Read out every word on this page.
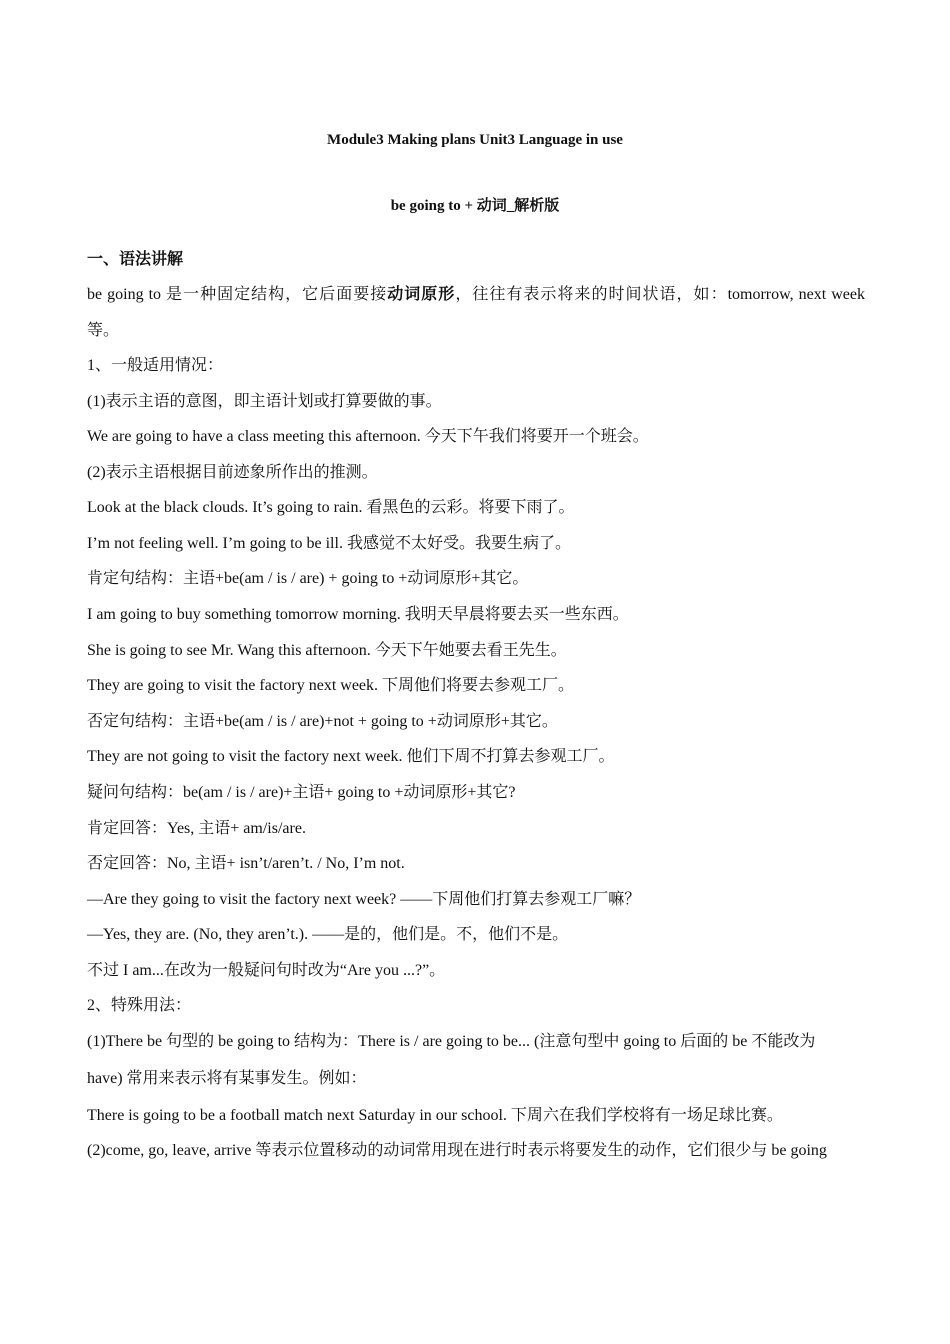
Module3 Making plans Unit3 Language in use
be going to + 动词_解析版
一、语法讲解
be going to 是一种固定结构，它后面要接动词原形，往往有表示将来的时间状语，如：tomorrow, next week
等。
1、一般适用情况：
(1)表示主语的意图，即主语计划或打算要做的事。
We are going to have a class meeting this afternoon. 今天下午我们将要开一个班会。
(2)表示主语根据目前迹象所作出的推测。
Look at the black clouds. It’s going to rain. 看黑色的云彩。将要下雨了。
I’m not feeling well. I’m going to be ill. 我感觉不太好受。我要生病了。
肯定句结构：主语+be(am / is / are) + going to +动词原形+其它。
I am going to buy something tomorrow morning. 我明天早晨将要去买一些东西。
She is going to see Mr. Wang this afternoon. 今天下午她要去看王先生。
They are going to visit the factory next week. 下周他们将要去参观工厂。
否定句结构：主语+be(am / is / are)+not + going to +动词原形+其它。
They are not going to visit the factory next week. 他们下周不打算去参观工厂。
疑问句结构：be(am / is / are)+主语+ going to +动词原形+其它?
肯定回答：Yes, 主语+ am/is/are.
否定回答：No, 主语+ isn’t/aren’t. / No, I’m not.
—Are they going to visit the factory next week? ——下周他们打算去参观工厂嘛？
—Yes, they are. (No, they aren’t.). ——是的，他们是。不，他们不是。
不过 I am...在改为一般疑问句时改为“Are you ...?”。
2、特殊用法：
(1)There be 句型的 be going to 结构为：There is / are going to be... (注意句型中 going to 后面的 be 不能改为
have) 常用来表示将有某事发生。例如：
There is going to be a football match next Saturday in our school. 下周六在我们学校将有一场足球比赛。
(2)come, go, leave, arrive 等表示位置移动的动词常用现在进行时表示将要发生的动作，它们很少与 be going
